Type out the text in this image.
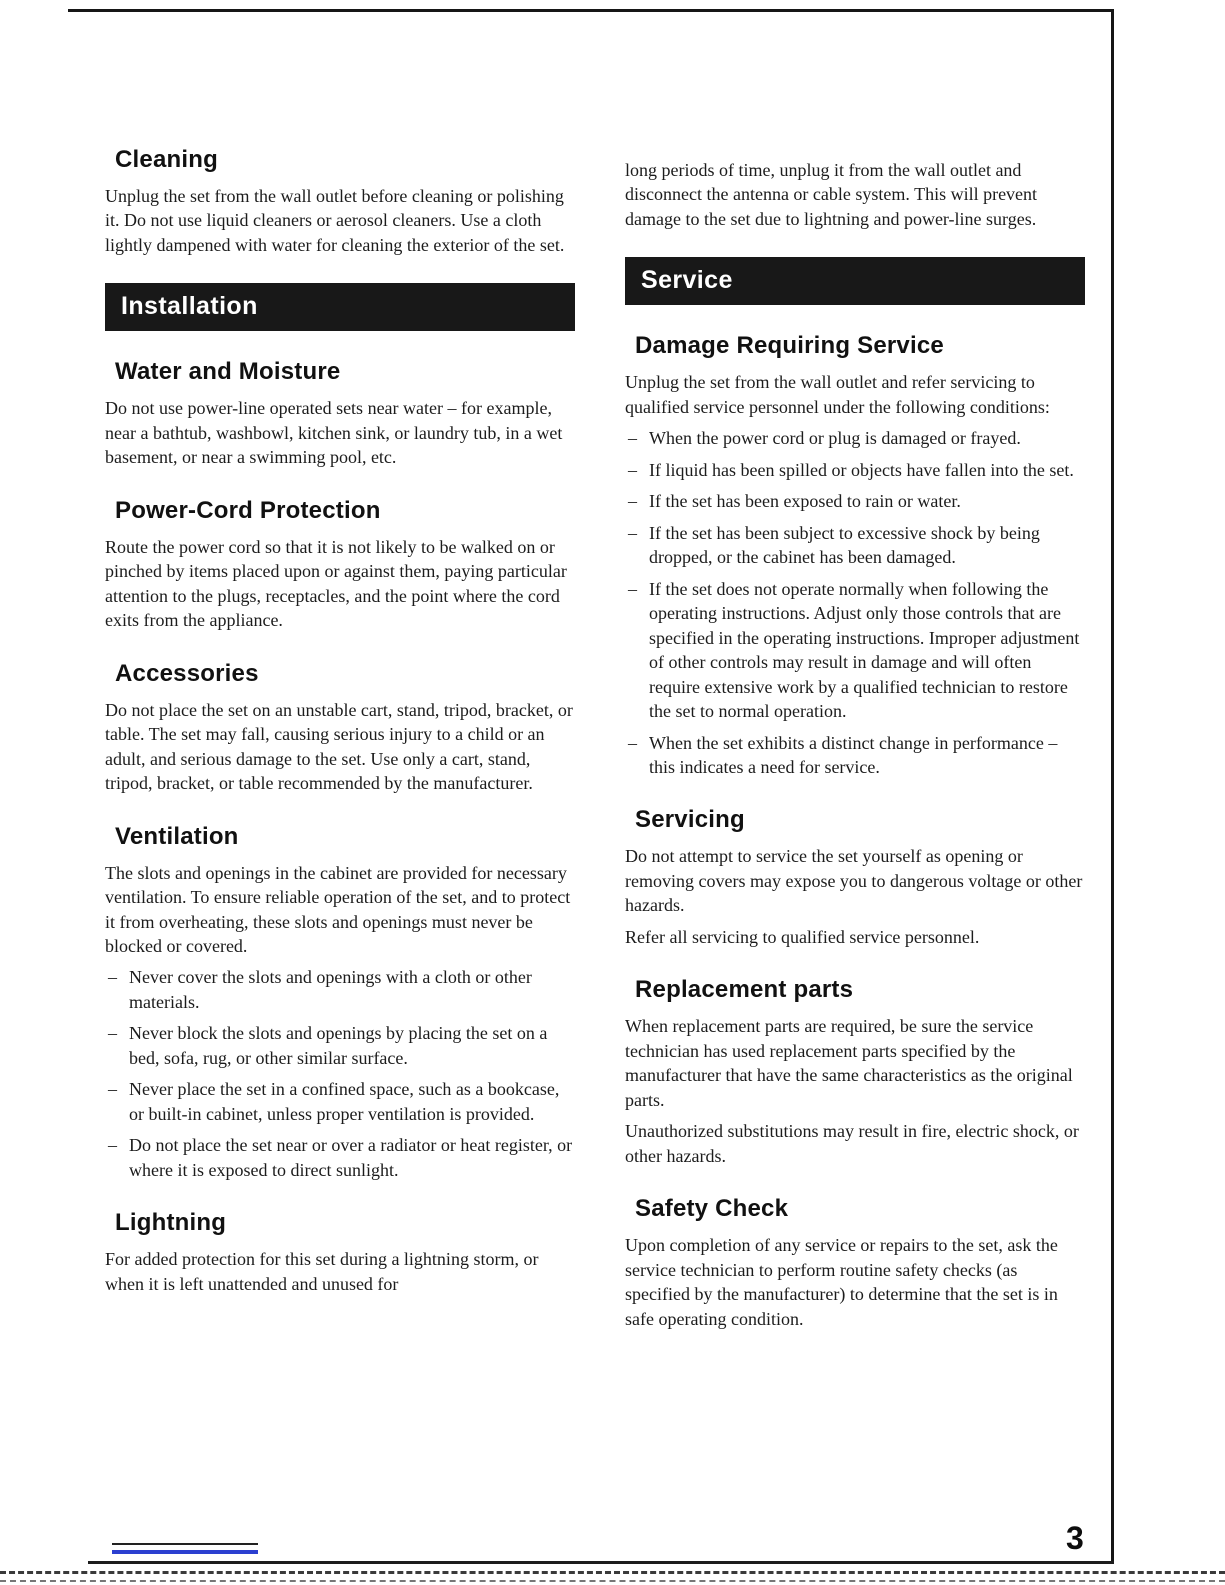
Cleaning
Unplug the set from the wall outlet before cleaning or polishing it. Do not use liquid cleaners or aerosol cleaners. Use a cloth lightly dampened with water for cleaning the exterior of the set.
Installation
Water and Moisture
Do not use power-line operated sets near water – for example, near a bathtub, washbowl, kitchen sink, or laundry tub, in a wet basement, or near a swimming pool, etc.
Power-Cord Protection
Route the power cord so that it is not likely to be walked on or pinched by items placed upon or against them, paying particular attention to the plugs, receptacles, and the point where the cord exits from the appliance.
Accessories
Do not place the set on an unstable cart, stand, tripod, bracket, or table. The set may fall, causing serious injury to a child or an adult, and serious damage to the set. Use only a cart, stand, tripod, bracket, or table recommended by the manufacturer.
Ventilation
The slots and openings in the cabinet are provided for necessary ventilation. To ensure reliable operation of the set, and to protect it from overheating, these slots and openings must never be blocked or covered.
– Never cover the slots and openings with a cloth or other materials.
– Never block the slots and openings by placing the set on a bed, sofa, rug, or other similar surface.
– Never place the set in a confined space, such as a bookcase, or built-in cabinet, unless proper ventilation is provided.
– Do not place the set near or over a radiator or heat register, or where it is exposed to direct sunlight.
Lightning
For added protection for this set during a lightning storm, or when it is left unattended and unused for
long periods of time, unplug it from the wall outlet and disconnect the antenna or cable system. This will prevent damage to the set due to lightning and power-line surges.
Service
Damage Requiring Service
Unplug the set from the wall outlet and refer servicing to qualified service personnel under the following conditions:
– When the power cord or plug is damaged or frayed.
– If liquid has been spilled or objects have fallen into the set.
– If the set has been exposed to rain or water.
– If the set has been subject to excessive shock by being dropped, or the cabinet has been damaged.
– If the set does not operate normally when following the operating instructions. Adjust only those controls that are specified in the operating instructions. Improper adjustment of other controls may result in damage and will often require extensive work by a qualified technician to restore the set to normal operation.
– When the set exhibits a distinct change in performance – this indicates a need for service.
Servicing
Do not attempt to service the set yourself as opening or removing covers may expose you to dangerous voltage or other hazards.
Refer all servicing to qualified service personnel.
Replacement parts
When replacement parts are required, be sure the service technician has used replacement parts specified by the manufacturer that have the same characteristics as the original parts.
Unauthorized substitutions may result in fire, electric shock, or other hazards.
Safety Check
Upon completion of any service or repairs to the set, ask the service technician to perform routine safety checks (as specified by the manufacturer) to determine that the set is in safe operating condition.
3
